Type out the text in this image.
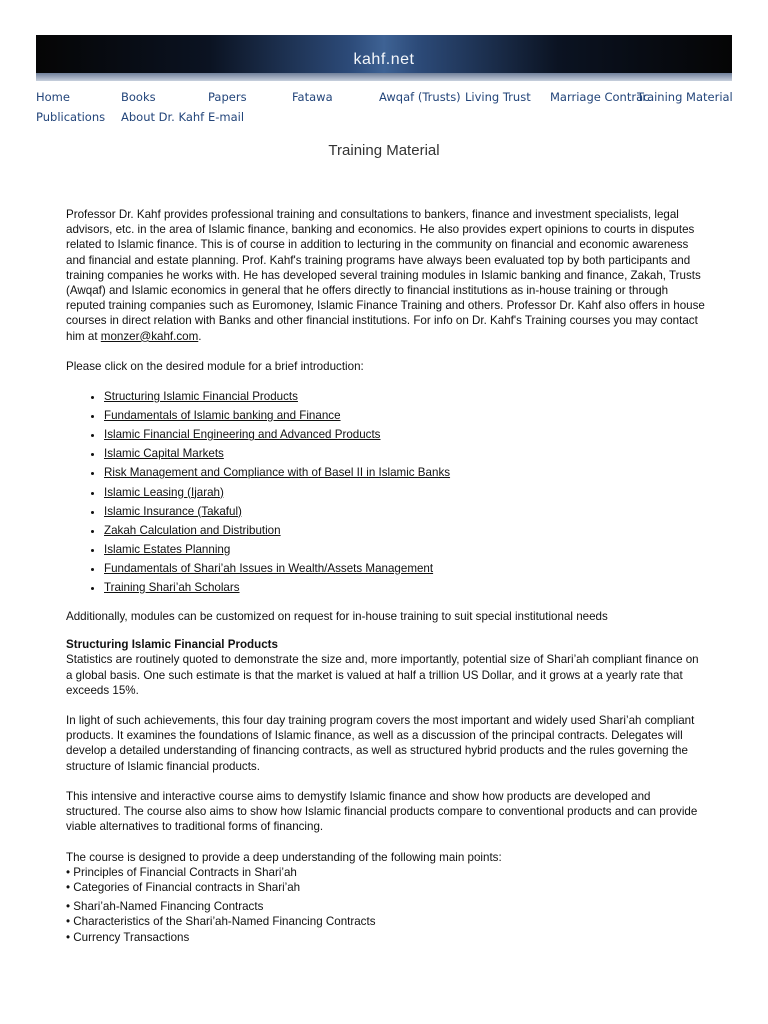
kahf.net
Home	Books	Papers	Fatawa	Awqaf (Trusts) Living Trust Marriage Contrac
Training Material
Publications About Dr. Kahf E-mail
Training Material

Professor Dr. Kahf provides professional training and consultations to bankers, finance and investment specialists, legal advisors, etc. in the area of Islamic finance, banking and economics. He also provides expert opinions to courts in disputes related to Islamic finance. This is of course in addition to lecturing in the community on financial and economic awareness and financial and estate planning. Prof. Kahf's training programs have always been evaluated top by both participants and training companies he works with. He has developed several training modules in Islamic banking and finance, Zakah, Trusts (Awqaf) and Islamic economics in general that he offers directly to financial institutions as in-house training or through reputed training companies such as Euromoney, Islamic Finance Training and others. Professor Dr. Kahf also offers in house courses in direct relation with Banks and other financial institutions. For info on Dr. Kahf's Training courses you may contact him at monzer@kahf.com.

Please click on the desired module for a brief introduction:

• Structuring Islamic Financial Products
• Fundamentals of Islamic banking and Finance
• Islamic Financial Engineering and Advanced Products
• Islamic Capital Markets
• Risk Management and Compliance with of Basel II in Islamic Banks
• Islamic Leasing (Ijarah)
• Islamic Insurance (Takaful)
• Zakah Calculation and Distribution
• Islamic Estates Planning
• Fundamentals of Shari’ah Issues in Wealth/Assets Management
• Training Shari’ah Scholars

Additionally, modules can be customized on request for in-house training to suit special institutional needs

Structuring Islamic Financial Products

Statistics are routinely quoted to demonstrate the size and, more importantly, potential size of Shari’ah compliant finance on a global basis. One such estimate is that the market is valued at half a trillion US Dollar, and it grows at a yearly rate that exceeds 15%.

In light of such achievements, this four day training program covers the most important and widely used Shari’ah compliant products. It examines the foundations of Islamic finance, as well as a discussion of the principal contracts. Delegates will develop a detailed understanding of financing contracts, as well as structured hybrid products and the rules governing the structure of Islamic financial products.

This intensive and interactive course aims to demystify Islamic finance and show how products are developed and structured. The course also aims to show how Islamic financial products compare to conventional products and can provide viable alternatives to traditional forms of financing.

The course is designed to provide a deep understanding of the following main points:

• Principles of Financial Contracts in Shari’ah

• Categories of Financial contracts in Shari’ah

• Shari’ah-Named Financing Contracts

• Characteristics of the Shari’ah-Named Financing Contracts

• Currency Transactions
